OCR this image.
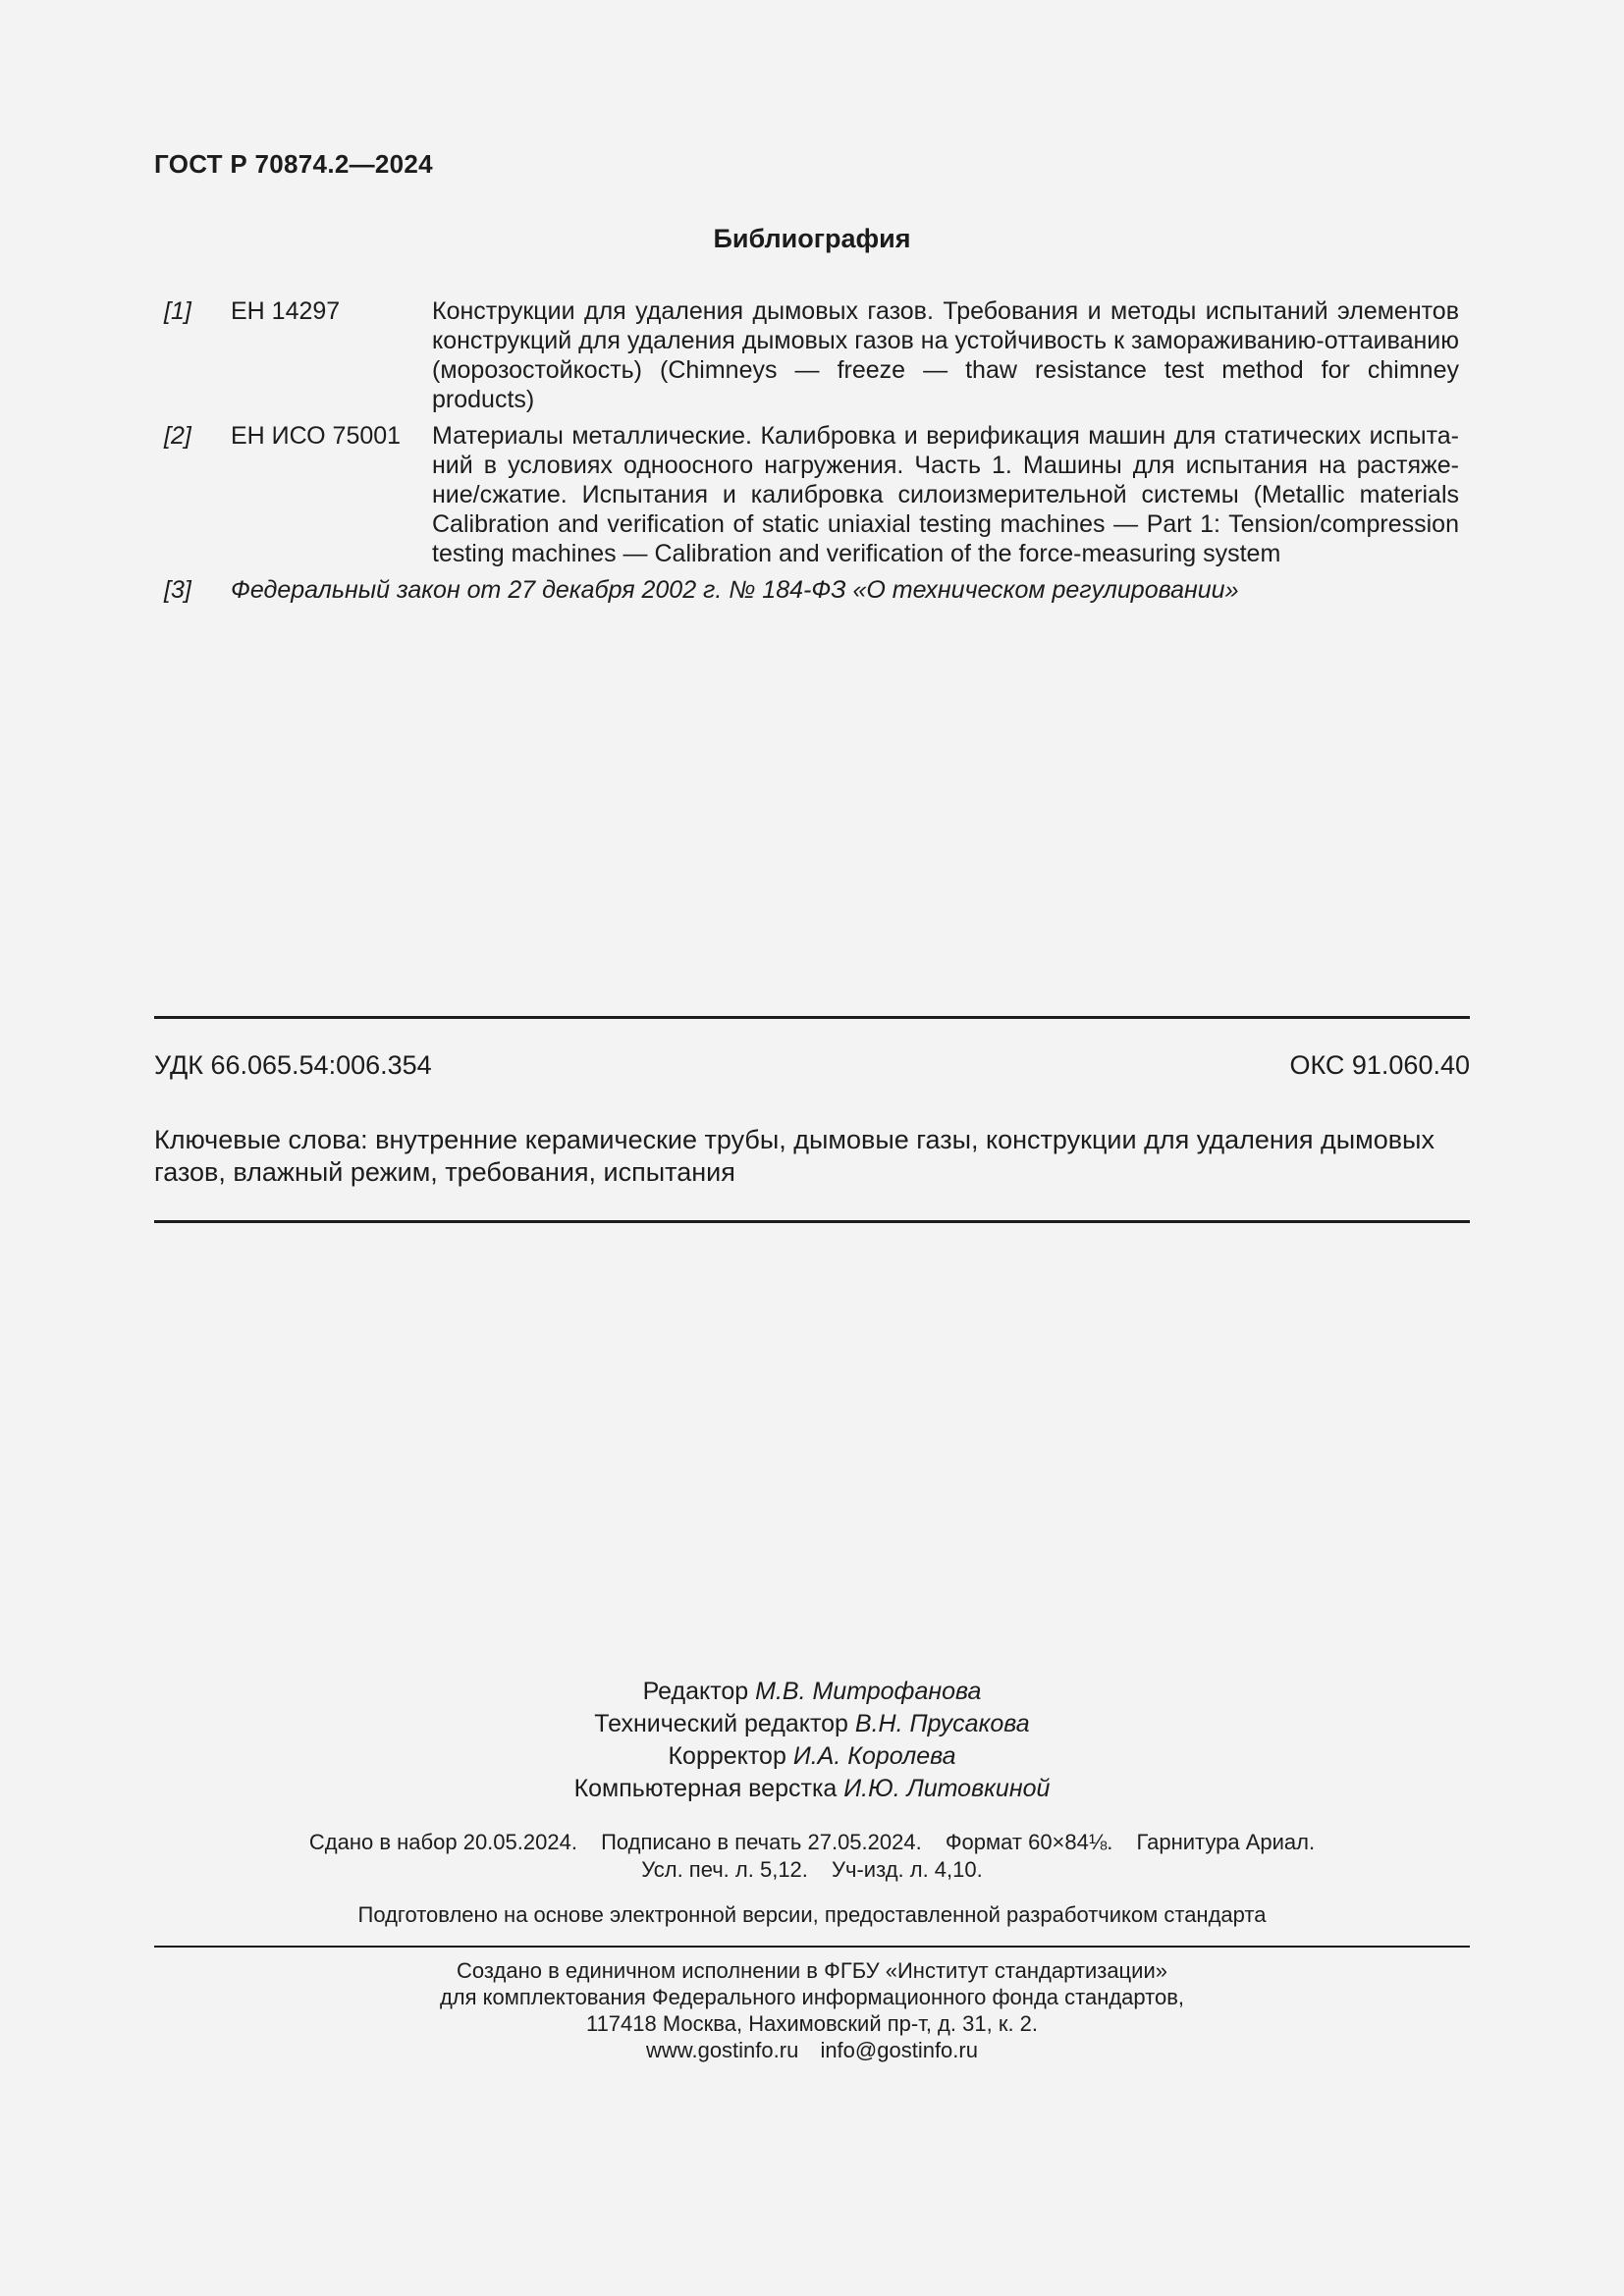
ГОСТ Р 70874.2—2024
Библиография
[1]	ЕН 14297	Конструкции для удаления дымовых газов. Требования и методы испытаний элементов конструкций для удаления дымовых газов на устойчивость к замораживанию-оттаиванию (морозостойкость) (Chimneys — freeze — thaw resistance test method for chimney products)
[2]	ЕН ИСО 75001	Материалы металлические. Калибровка и верификация машин для статических испыта-ний в условиях одноосного нагружения. Часть 1. Машины для испытания на растяже-ние/сжатие. Испытания и калибровка силоизмерительной системы (Metallic materials Calibration and verification of static uniaxial testing machines — Part 1: Tension/compression testing machines — Calibration and verification of the force-measuring system
[3]	Федеральный закон от 27 декабря 2002 г. № 184-ФЗ «О техническом регулировании»
УДК 66.065.54:006.354	ОКС 91.060.40
Ключевые слова: внутренние керамические трубы, дымовые газы, конструкции для удаления дымовых газов, влажный режим, требования, испытания
Редактор М.В. Митрофанова
Технический редактор В.Н. Прусакова
Корректор И.А. Королева
Компьютерная верстка И.Ю. Литовкиной
Сдано в набор 20.05.2024. Подписано в печать 27.05.2024. Формат 60×84⅛. Гарнитура Ариал.
Усл. печ. л. 5,12. Уч-изд. л. 4,10.
Подготовлено на основе электронной версии, предоставленной разработчиком стандарта
Создано в единичном исполнении в ФГБУ «Институт стандартизации»
для комплектования Федерального информационного фонда стандартов,
117418 Москва, Нахимовский пр-т, д. 31, к. 2.
www.gostinfo.ru info@gostinfo.ru
